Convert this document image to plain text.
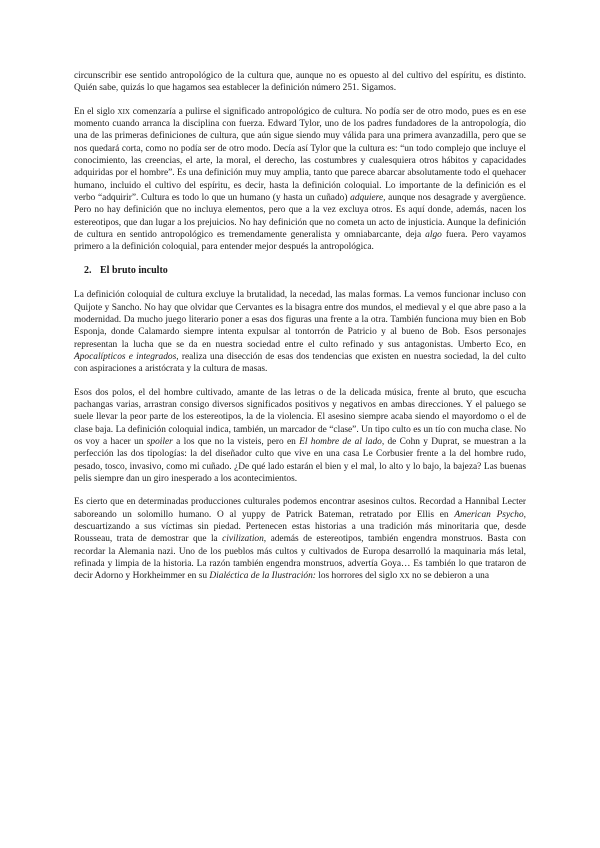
circunscribir ese sentido antropológico de la cultura que, aunque no es opuesto al del cultivo del espíritu, es distinto. Quién sabe, quizás lo que hagamos sea establecer la definición número 251. Sigamos.

En el siglo xix comenzaría a pulirse el significado antropológico de cultura. No podía ser de otro modo, pues es en ese momento cuando arranca la disciplina con fuerza. Edward Tylor, uno de los padres fundadores de la antropología, dio una de las primeras definiciones de cultura, que aún sigue siendo muy válida para una primera avanzadilla, pero que se nos quedará corta, como no podía ser de otro modo. Decía así Tylor que la cultura es: “un todo complejo que incluye el conocimiento, las creencias, el arte, la moral, el derecho, las costumbres y cualesquiera otros hábitos y capacidades adquiridas por el hombre”. Es una definición muy muy amplia, tanto que parece abarcar absolutamente todo el quehacer humano, incluido el cultivo del espíritu, es decir, hasta la definición coloquial. Lo importante de la definición es el verbo “adquirir”. Cultura es todo lo que un humano (y hasta un cuñado) adquiere, aunque nos desagrade y avergüence. Pero no hay definición que no incluya elementos, pero que a la vez excluya otros. Es aquí donde, además, nacen los estereotipos, que dan lugar a los prejuicios. No hay definición que no cometa un acto de injusticia. Aunque la definición de cultura en sentido antropológico es tremendamente generalista y omniabarcante, deja algo fuera. Pero vayamos primero a la definición coloquial, para entender mejor después la antropológica.

2. El bruto inculto

La definición coloquial de cultura excluye la brutalidad, la necedad, las malas formas. La vemos funcionar incluso con Quijote y Sancho. No hay que olvidar que Cervantes es la bisagra entre dos mundos, el medieval y el que abre paso a la modernidad. Da mucho juego literario poner a esas dos figuras una frente a la otra. También funciona muy bien en Bob Esponja, donde Calamardo siempre intenta expulsar al tontorrón de Patricio y al bueno de Bob. Esos personajes representan la lucha que se da en nuestra sociedad entre el culto refinado y sus antagonistas. Umberto Eco, en Apocalípticos e integrados, realiza una disección de esas dos tendencias que existen en nuestra sociedad, la del culto con aspiraciones a aristócrata y la cultura de masas.

Esos dos polos, el del hombre cultivado, amante de las letras o de la delicada música, frente al bruto, que escucha pachangas varias, arrastran consigo diversos significados positivos y negativos en ambas direcciones. Y el paluego se suele llevar la peor parte de los estereotipos, la de la violencia. El asesino siempre acaba siendo el mayordomo o el de clase baja. La definición coloquial indica, también, un marcador de “clase”. Un tipo culto es un tío con mucha clase. No os voy a hacer un spoiler a los que no la visteis, pero en El hombre de al lado, de Cohn y Duprat, se muestran a la perfección las dos tipologías: la del diseñador culto que vive en una casa Le Corbusier frente a la del hombre rudo, pesado, tosco, invasivo, como mi cuñado. ¿De qué lado estarán el bien y el mal, lo alto y lo bajo, la bajeza? Las buenas pelis siempre dan un giro inesperado a los acontecimientos.

Es cierto que en determinadas producciones culturales podemos encontrar asesinos cultos. Recordad a Hannibal Lecter saboreando un solomillo humano. O al yuppy de Patrick Bateman, retratado por Ellis en American Psycho, descuartizando a sus víctimas sin piedad. Pertenecen estas historias a una tradición más minoritaria que, desde Rousseau, trata de demostrar que la civilization, además de estereotipos, también engendra monstruos. Basta con recordar la Alemania nazi. Uno de los pueblos más cultos y cultivados de Europa desarrolló la maquinaria más letal, refinada y limpia de la historia. La razón también engendra monstruos, advertía Goya… Es también lo que trataron de decir Adorno y Horkheimmer en su Dialéctica de la Ilustración: los horrores del siglo xx no se debieron a una
